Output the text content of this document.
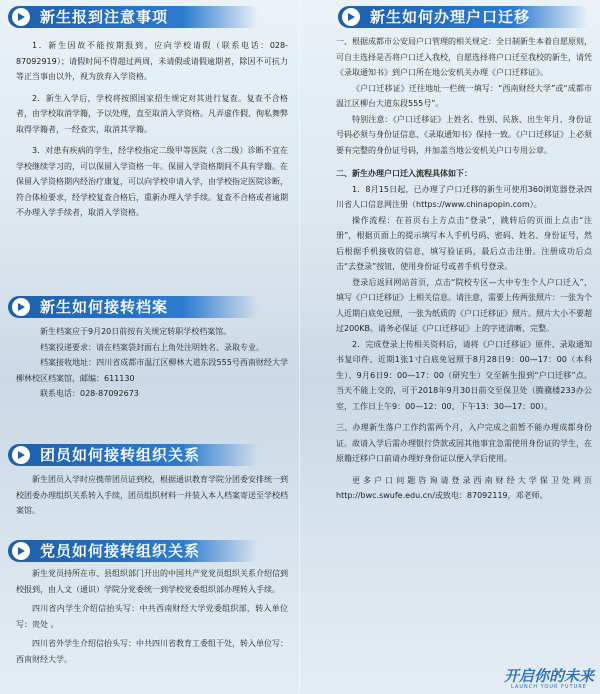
新生报到注意事项

1．新生因故不能按期报到，应向学校请假（联系电话：028-87092919）；请假时间不得超过两周，未请假或请假逾期者，除因不可抗力等正当事由以外，视为放弃入学资格。

2．新生入学后，学校将按照国家招生规定对其进行复查。复查不合格者，由学校取消学籍，予以处理，直至取消入学资格。凡弄虚作假、徇私舞弊取得学籍者，一经查实，取消其学籍。

3．对患有疾病的学生，经学校指定二级甲等医院（含二级）诊断不宜在学校继续学习的，可以保留入学资格一年。保留入学资格期间不具有学籍。在保留入学资格期内经治疗康复，可以向学校申请入学，由学校指定医院诊断，符合体检要求，经学校复查合格后，重新办理入学手续。复查不合格或者逾期不办理入学手续者，取消入学资格。

新生如何接转档案

新生档案应于9月20日前按有关规定转职学校档案馆。

档案投递要求：请在档案袋封面右上角处注明姓名、录取专业。

档案接收地址：四川省成都市温江区柳林大道东段555号西南财经大学柳林校区档案馆，邮编：611130

联系电话：028-87092673

团员如何接转组织关系

新生团员入学时应携带团员证到校，根据通识教育学院分团委安排统一到校团委办理组织关系转入手续，团员组织材料一并装入本人档案寄送至学校档案馆。

党员如何接转组织关系

新生党员持所在市、县组织部门开出的中国共产党党员组织关系介绍信到校报到，由人文（通识）学院分党委统一到学校党委组织部办理转入手续。

四川省内学生介绍信抬头写：中共西南财经大学党委组织部，转入单位写：贵处 。

四川省外学生介绍信抬头写：中共四川省教育工委组干处，转入单位写：西南财经大学。

新生如何办理户口迁移

一、根据成都市公安局户口管理的相关规定：全日制新生本着自愿原则，可自主选择是否将户口迁入我校，自愿选择将户口迁至我校的新生，请凭《录取通知书》到户口所在地公安机关办理《户口迁移证》。

《户口迁移证》迁往地址一栏统一填写：“西南财经大学”或“成都市温江区柳台大道东段555号”。

特别注意：《户口迁移证》上姓名、性别、民族、出生年月、身份证号码必须与身份证信息、《录取通知书》保持一致。《户口迁移证》上必须要有完整的身份证号码，并加盖当地公安机关户口专用公章。

二、新生办理户口迁入流程具体如下：

1．8月15日起，已办理了户口迁移的新生可使用360浏览器登录四川省人口信息网注册（https://www.chinapopin.com）。

操作流程：在首页右上方点击“登录”，跳转后的页面上点击“注册”，根据页面上的提示填写本人手机号码、密码、姓名、身份证号，然后根据手机接收的信息，填写验证码，最后点击注册。注册成功后点击“去登录”按钮，使用身份证号或者手机号登录。

登录后返回网站首页，点击“院校专区—大中专生个人户口迁入”，填写《户口迁移证》上相关信息。请注意，需要上传两张照片：一张为个人近期白底免冠照，一张为纸质的《户口迁移证》照片。照片大小不要超过200KB。请务必保证《户口迁移证》上的字迹清晰、完整。

2．完成登录上传相关资料后，请将《户口迁移证》原件、录取通知书复印件、近期1张1寸白底免冠照于8月28日9：00—17：00（本科生）、9月6日9：00—17：00（研究生）交至新生报到“户口迁移”点。当天不能上交的，可于2018年9月30日前交至保卫处（腾骥楼233办公室，工作日上午9：00—12：00、下午13：30—17：00）。

三、办理新生落户工作约需两个月，入户完成之前暂不能办理成都身份证。故请入学后需办理银行贷款或因其他事宜急需使用身份证的学生，在原籍迁移户口前请办理好身份证以便入学后使用。

更多户口问题咨询请登录西南财经大学保卫处网页http://bwc.swufe.edu.cn/或致电：87092119，邓老师。

开启你的未来
LAUNCH YOUR FUTURE
